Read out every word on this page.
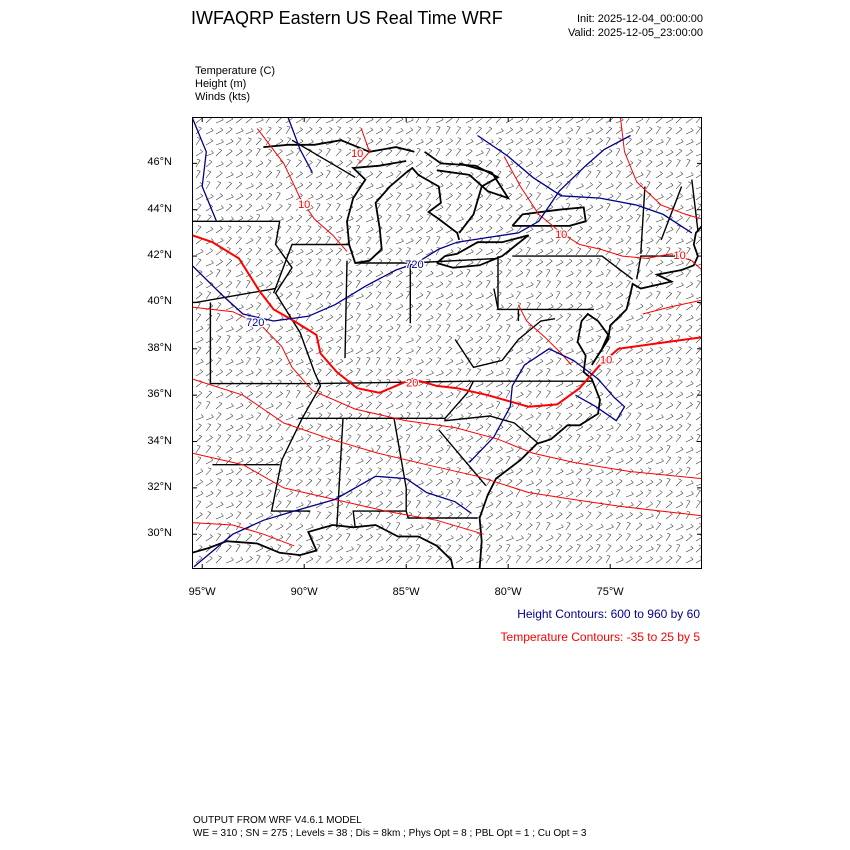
IWFAQRP Eastern US Real Time WRF	Init: 2025-12-04_00:00:00
Valid: 2025-12-05_23:00:00
Temperature (C)
Height (m)
Winds (kts)
720
720
10
10
10
10
10
20
46°N
44°N
42°N
40°N
38°N
36°N
34°N
32°N
30°N
95°W	90°W	85°W	80°W	75°W
Height Contours: 600 to 960 by 60
Temperature Contours: -35 to 25 by 5
OUTPUT FROM WRF V4.6.1 MODEL
WE = 310 ; SN = 275 ; Levels = 38 ; Dis = 8km ; Phys Opt = 8 ; PBL Opt = 1 ; Cu Opt = 3
